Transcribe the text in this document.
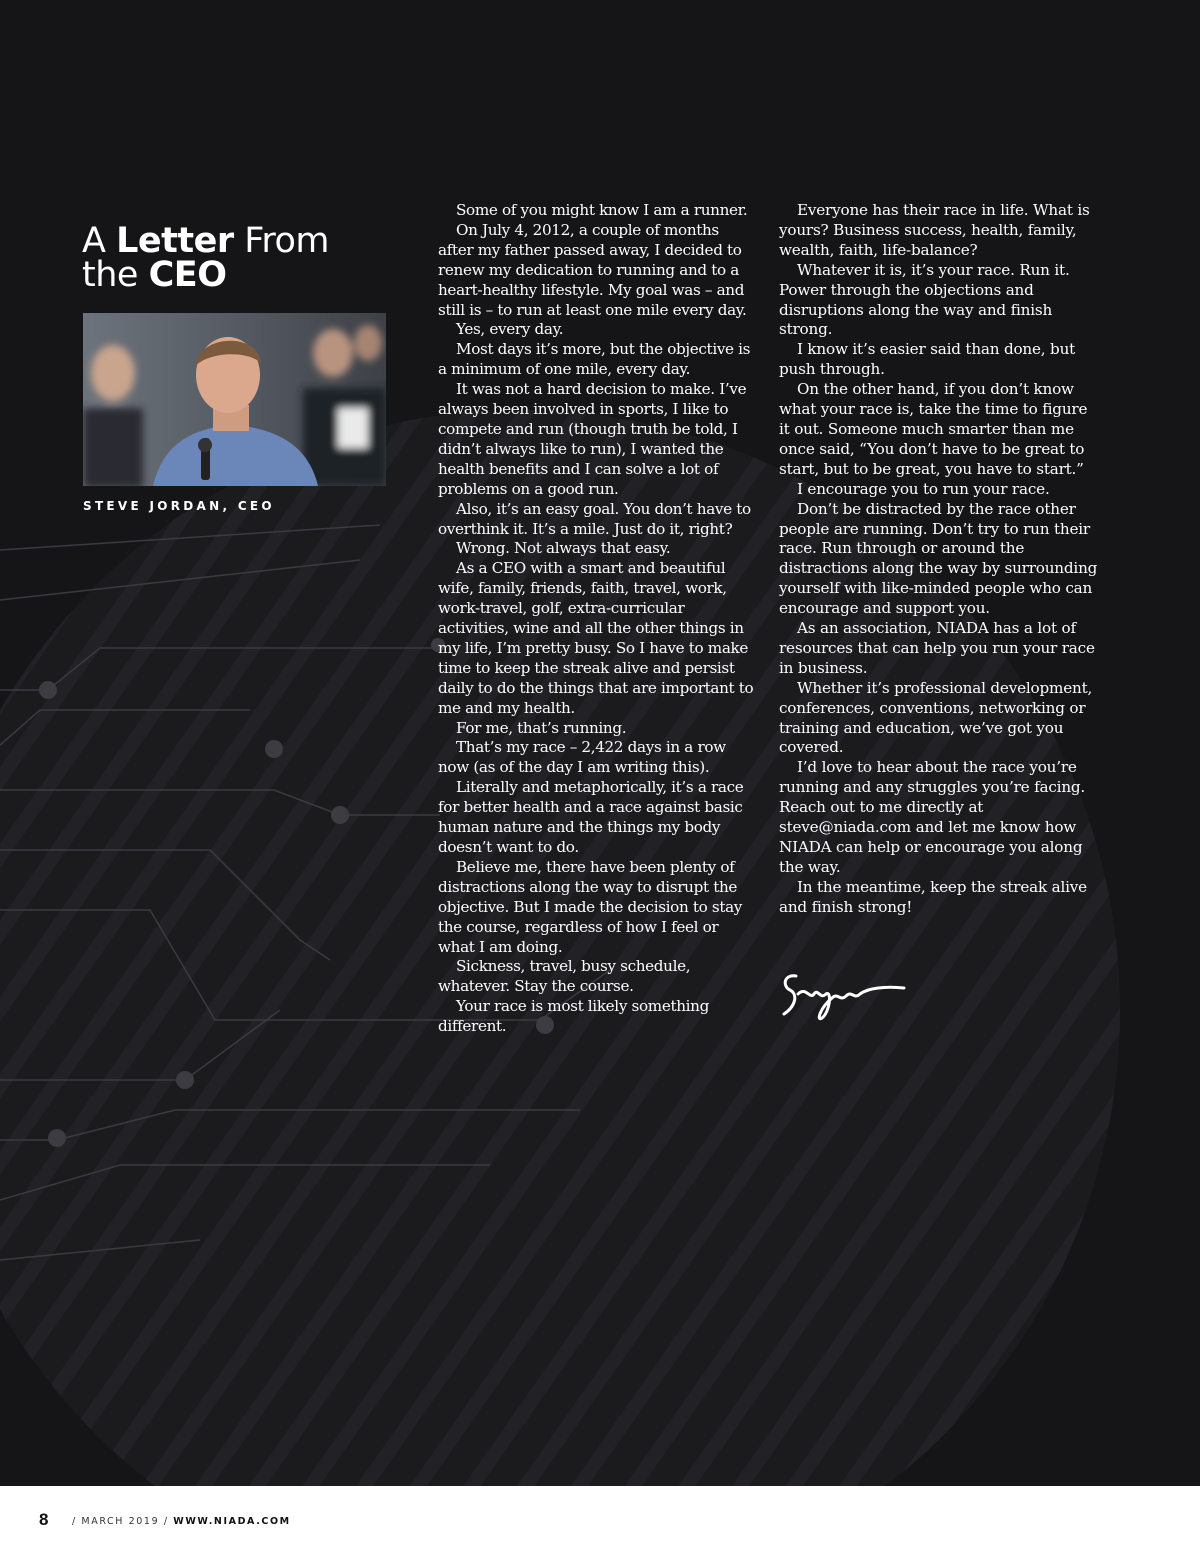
A Letter From
the CEO

STEVE JORDAN, CEO

Some of you might know I am a runner.

On July 4, 2012, a couple of months after my father passed away, I decided to renew my dedication to running and to a heart-healthy lifestyle. My goal was – and still is – to run at least one mile every day.

Yes, every day.

Most days it’s more, but the objective is a minimum of one mile, every day.

It was not a hard decision to make. I’ve always been involved in sports, I like to compete and run (though truth be told, I didn’t always like to run), I wanted the health benefits and I can solve a lot of problems on a good run.

Also, it’s an easy goal. You don’t have to overthink it. It’s a mile. Just do it, right?

Wrong. Not always that easy.

As a CEO with a smart and beautiful wife, family, friends, faith, travel, work, work-travel, golf, extra-curricular activities, wine and all the other things in my life, I’m pretty busy. So I have to make time to keep the streak alive and persist daily to do the things that are important to me and my health.

For me, that’s running.

That’s my race – 2,422 days in a row now (as of the day I am writing this).

Literally and metaphorically, it’s a race for better health and a race against basic human nature and the things my body doesn’t want to do.

Believe me, there have been plenty of distractions along the way to disrupt the objective. But I made the decision to stay the course, regardless of how I feel or what I am doing.

Sickness, travel, busy schedule, whatever. Stay the course.

Your race is most likely something different.

Everyone has their race in life. What is yours? Business success, health, family, wealth, faith, life-balance?

Whatever it is, it’s your race. Run it. Power through the objections and disruptions along the way and finish strong.

I know it’s easier said than done, but push through.

On the other hand, if you don’t know what your race is, take the time to figure it out. Someone much smarter than me once said, “You don’t have to be great to start, but to be great, you have to start.”

I encourage you to run your race.

Don’t be distracted by the race other people are running. Don’t try to run their race. Run through or around the distractions along the way by surrounding yourself with like-minded people who can encourage and support you.

As an association, NIADA has a lot of resources that can help you run your race in business.

Whether it’s professional development, conferences, conventions, networking or training and education, we’ve got you covered.

I’d love to hear about the race you’re running and any struggles you’re facing. Reach out to me directly at steve@niada.com and let me know how NIADA can help or encourage you along the way.

In the meantime, keep the streak alive and finish strong!

8 / MARCH 2019 / WWW.NIADA.COM
